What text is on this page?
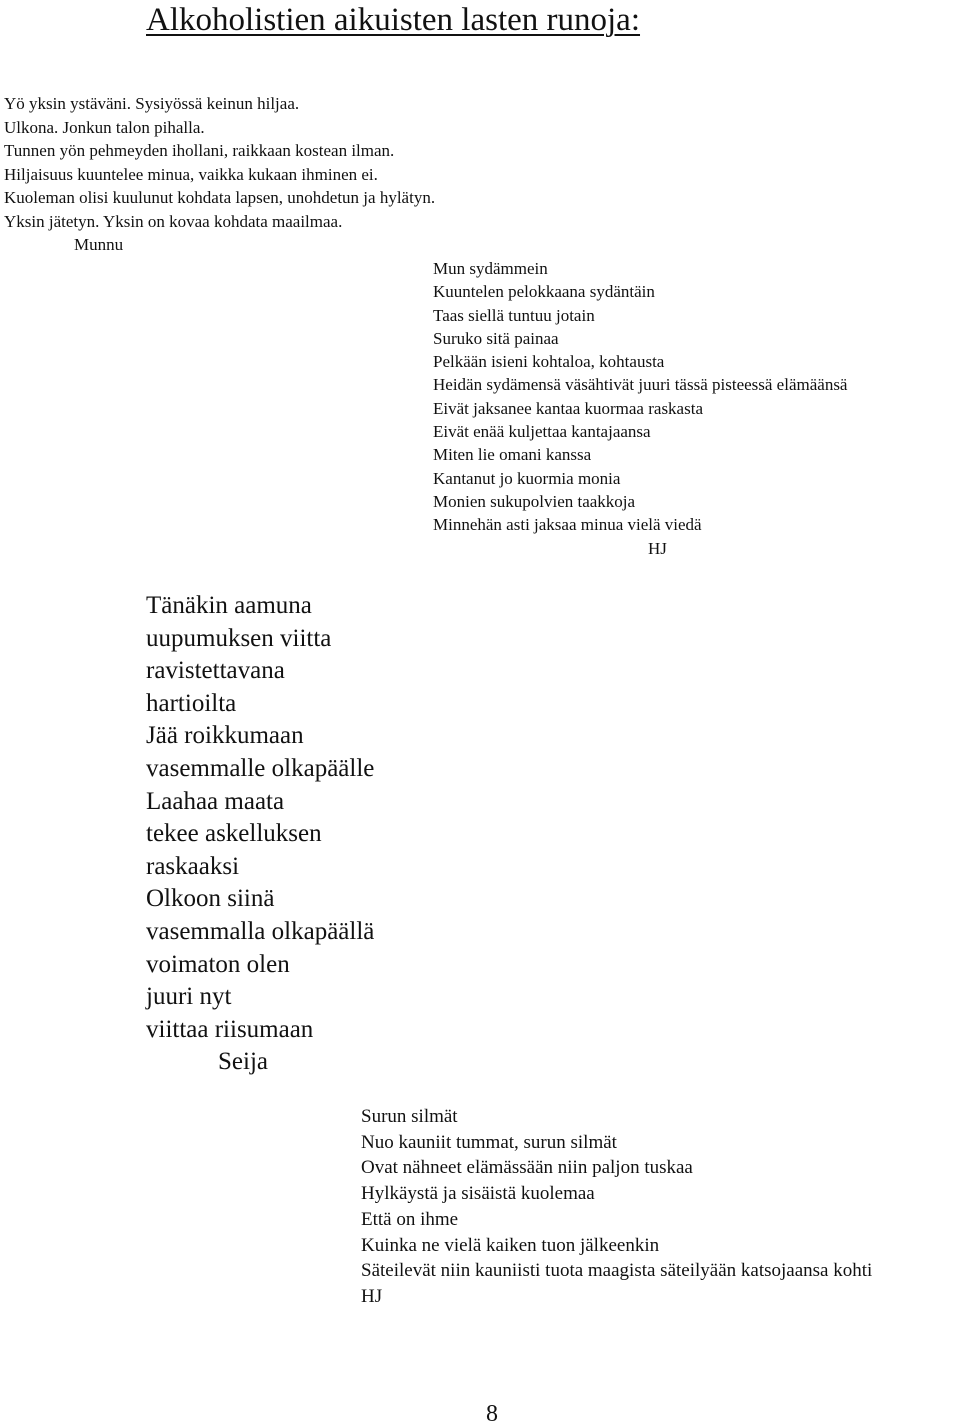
Alkoholistien aikuisten lasten runoja:
Yö yksin ystäväni. Sysiyössä keinun hiljaa.
Ulkona. Jonkun talon pihalla.
Tunnen yön pehmeyden ihollani, raikkaan kostean ilman.
Hiljaisuus kuuntelee minua, vaikka kukaan ihminen ei.
Kuoleman olisi kuulunut kohdata lapsen, unohdetun ja hylätyn.
Yksin jätetyn. Yksin on kovaa kohdata maailmaa.
Munnu
Mun sydämmein
Kuuntelen pelokkaana sydäntäin
Taas siellä tuntuu jotain
Suruko sitä painaa
Pelkään isieni kohtaloa, kohtausta
Heidän sydämensä väsähtivät juuri tässä pisteessä elämäänsä
Eivät jaksanee kantaa kuormaa raskasta
Eivät enää kuljettaa kantajaansa
Miten lie omani kanssa
Kantanut jo kuormia monia
Monien sukupolvien taakkoja
Minnehän asti jaksaa minua vielä viedä
HJ
Tänäkin aamuna
uupumuksen viitta
ravistettavana
hartioilta
Jää roikkumaan
vasemmalle olkapäälle
Laahaa maata
tekee askelluksen
raskaaksi
Olkoon siinä
vasemmalla olkapäällä
voimaton olen
juuri nyt
viittaa riisumaan
Seija
Surun silmät
Nuo kauniit tummat, surun silmät
Ovat nähneet elämässään niin paljon tuskaa
Hylkäystä ja sisäistä kuolemaa
Että on ihme
Kuinka ne vielä kaiken tuon jälkeenkin
Säteilevät niin kauniisti tuota maagista säteilyään katsojaansa kohti
HJ
8
